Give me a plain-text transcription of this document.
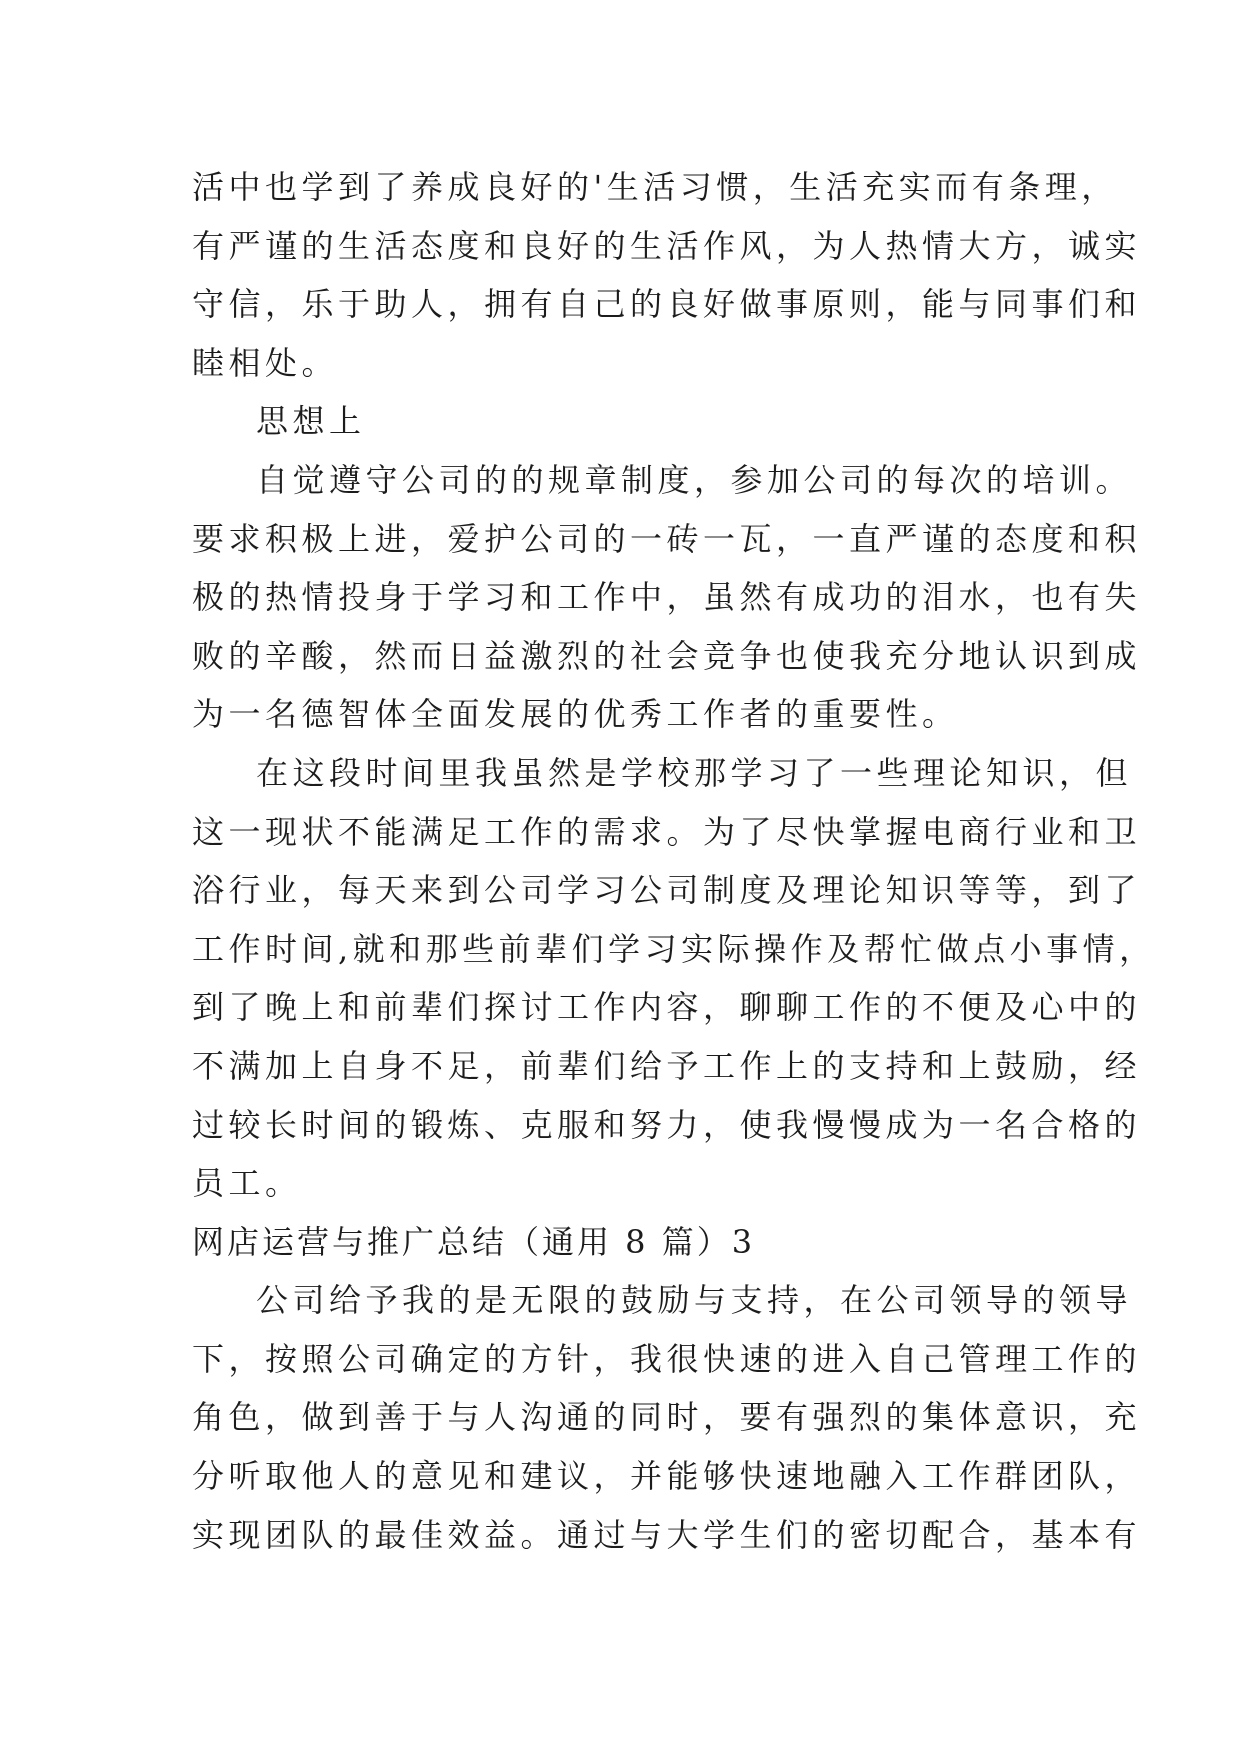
活中也学到了养成良好的'生活习惯，生活充实而有条理，
有严谨的生活态度和良好的生活作风，为人热情大方，诚实
守信，乐于助人，拥有自己的良好做事原则，能与同事们和
睦相处。
思想上
自觉遵守公司的的规章制度，参加公司的每次的培训。
要求积极上进，爱护公司的一砖一瓦，一直严谨的态度和积
极的热情投身于学习和工作中，虽然有成功的泪水，也有失
败的辛酸，然而日益激烈的社会竞争也使我充分地认识到成
为一名德智体全面发展的优秀工作者的重要性。
在这段时间里我虽然是学校那学习了一些理论知识，但
这一现状不能满足工作的需求。为了尽快掌握电商行业和卫
浴行业，每天来到公司学习公司制度及理论知识等等，到了
工作时间,就和那些前辈们学习实际操作及帮忙做点小事情，
到了晚上和前辈们探讨工作内容，聊聊工作的不便及心中的
不满加上自身不足，前辈们给予工作上的支持和上鼓励，经
过较长时间的锻炼、克服和努力，使我慢慢成为一名合格的
员工。
网店运营与推广总结（通用 8 篇）3
公司给予我的是无限的鼓励与支持，在公司领导的领导
下，按照公司确定的方针，我很快速的进入自己管理工作的
角色，做到善于与人沟通的同时，要有强烈的集体意识，充
分听取他人的意见和建议，并能够快速地融入工作群团队，
实现团队的最佳效益。通过与大学生们的密切配合，基本有
